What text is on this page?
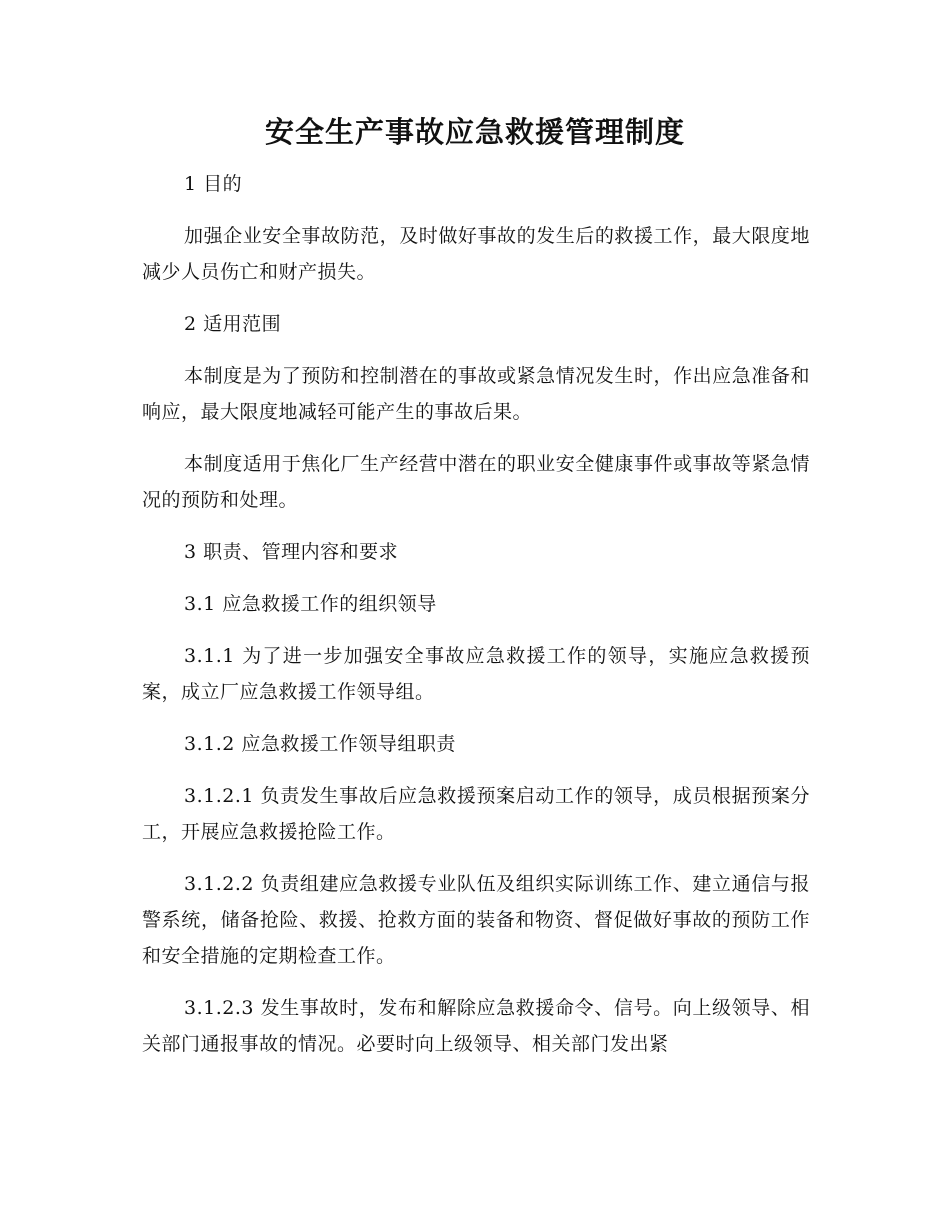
安全生产事故应急救援管理制度

1 目的

加强企业安全事故防范，及时做好事故的发生后的救援工作，最大限度地减少人员伤亡和财产损失。

2 适用范围

本制度是为了预防和控制潜在的事故或紧急情况发生时，作出应急准备和响应，最大限度地减轻可能产生的事故后果。

本制度适用于焦化厂生产经营中潜在的职业安全健康事件或事故等紧急情况的预防和处理。

3 职责、管理内容和要求

3.1 应急救援工作的组织领导

3.1.1 为了进一步加强安全事故应急救援工作的领导，实施应急救援预案，成立厂应急救援工作领导组。

3.1.2 应急救援工作领导组职责

3.1.2.1 负责发生事故后应急救援预案启动工作的领导，成员根据预案分工，开展应急救援抢险工作。

3.1.2.2 负责组建应急救援专业队伍及组织实际训练工作、建立通信与报警系统，储备抢险、救援、抢救方面的装备和物资、督促做好事故的预防工作和安全措施的定期检查工作。

3.1.2.3 发生事故时，发布和解除应急救援命令、信号。向上级领导、相关部门通报事故的情况。必要时向上级领导、相关部门发出紧
